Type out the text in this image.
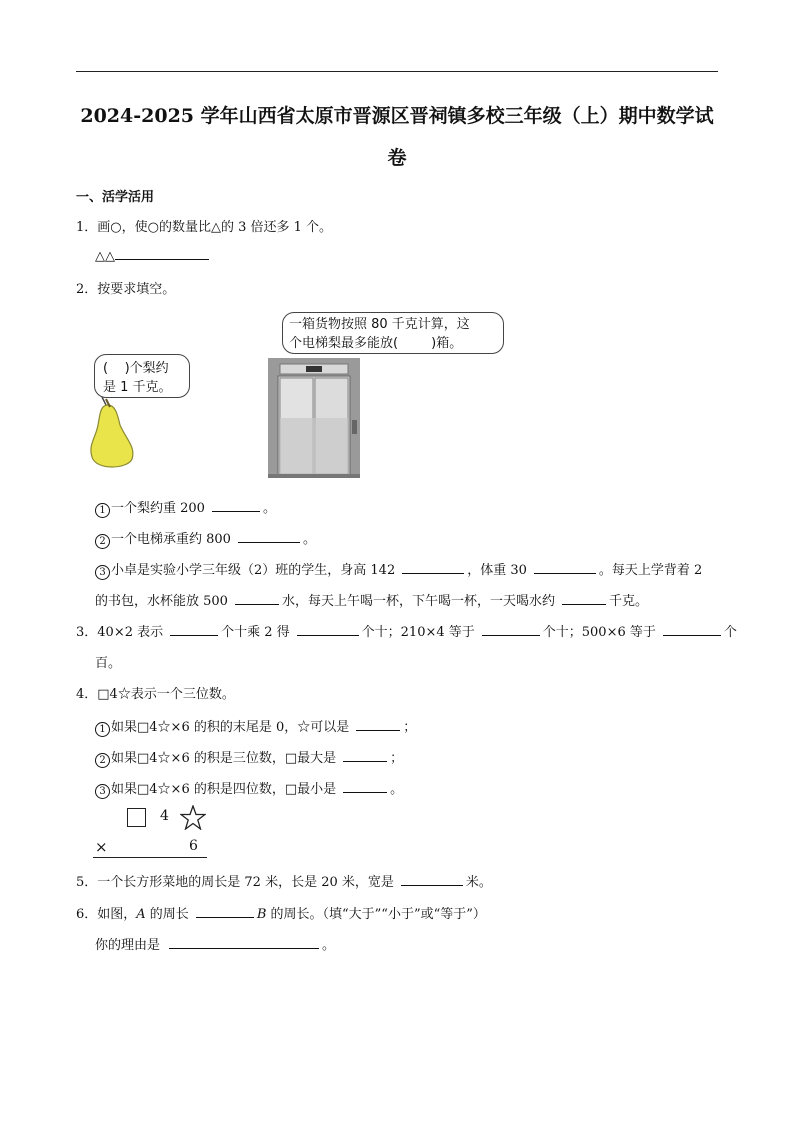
2024-2025 学年山西省太原市晋源区晋祠镇多校三年级（上）期中数学试
卷
一、活学活用
1．画○，使○的数量比△的 3 倍还多 1 个。
△△
2．按要求填空。
(    )个梨约
是 1 千克。
一箱货物按照 80 千克计算，这
个电梯梨最多能放(        )箱。
1 一个梨约重 200	。
2 一个电梯承重约 800	。
3 小卓是实验小学三年级（2）班的学生，身高 142	，体重 30	。每天上学背着 2
的书包，水杯能放 500	水，每天上午喝一杯，下午喝一杯，一天喝水约	千克。
3．40×2 表示	个十乘 2 得	个十；210×4 等于	个十；500×6 等于	个
百。
4．□4☆表示一个三位数。
1 如果□4☆×6 的积的末尾是 0，☆可以是	；
2 如果□4☆×6 的积是三位数，□最大是	；
3 如果□4☆×6 的积是四位数，□最小是	。
4
×	6
5．一个长方形菜地的周长是 72 米，长是 20 米，宽是	米。
6．如图，A 的周长	B 的周长。（填“大于”“小于”或“等于”）
你的理由是	。
